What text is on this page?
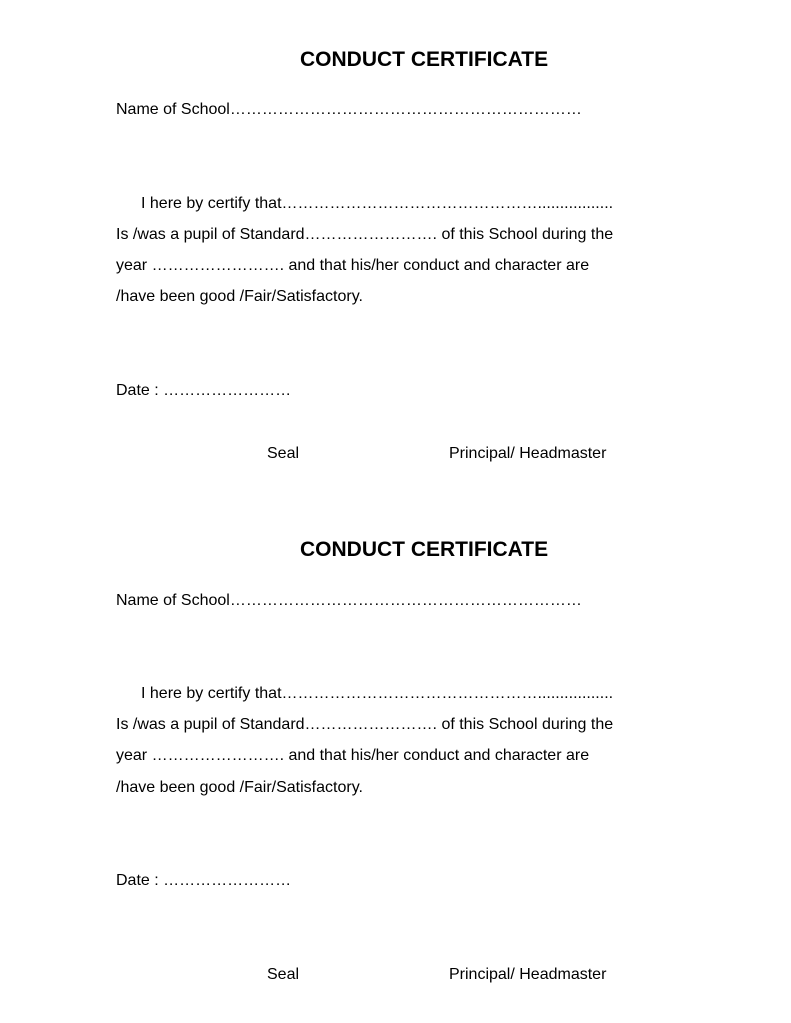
CONDUCT CERTIFICATE
Name of School…………………………………………………………
I here by certify that………………………………………….................
Is /was a pupil of Standard……………………. of this School during the
year ……………………. and that his/her conduct and character are
/have been good /Fair/Satisfactory.
Date : ……………………
Seal	Principal/ Headmaster
CONDUCT CERTIFICATE
Name of School…………………………………………………………
I here by certify that………………………………………….................
Is /was a pupil of Standard……………………. of this School during the
year ……………………. and that his/her conduct and character are
/have been good /Fair/Satisfactory.
Date : ……………………
Seal	Principal/ Headmaster
